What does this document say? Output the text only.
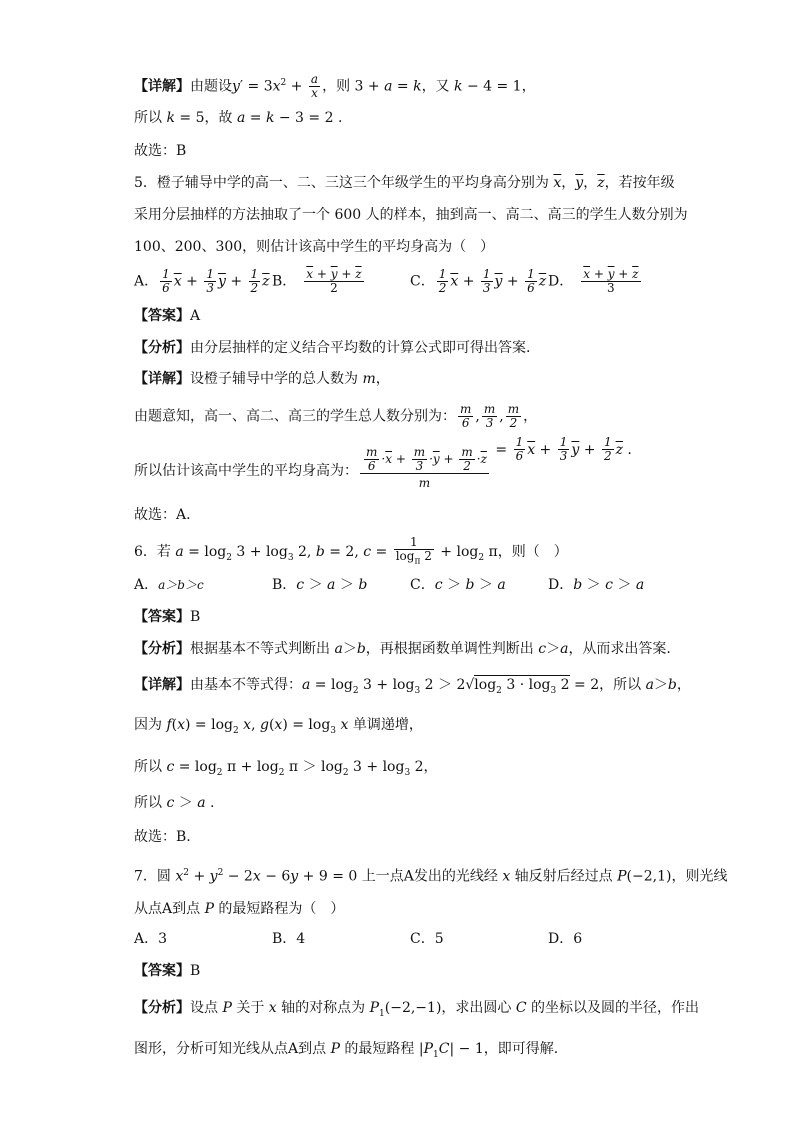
【详解】由题设$y' = 3x^2 + \frac{a}{x}$ ，则 3 + a = k，又 k − 4 = 1，
所以 k = 5，故 a = k − 3 = 2 .
故选：B
5．橙子辅导中学的高一、二、三这三个年级学生的平均身高分别为 $\overline{x}$，$\overline{y}$，$\overline{z}$，若按年级
采用分层抽样的方法抽取了一个 600 人的样本，抽到高一、高二、高三的学生人数分别为
100、200、300，则估计该高中学生的平均身高为（　）
A． $\frac{1}{6} \overline{x} + \frac{1}{3} \overline{y} + \frac{1}{2} \overline{z}$ B． $\frac{\overline{x} + \overline{y} + \overline{z}}{2}$	C． $\frac{1}{2} \overline{x} + \frac{1}{3} \overline{y} + \frac{1}{6} \overline{z}$ D． $\frac{\overline{x} + \overline{y} + \overline{z}}{3}$
【答案】A
【分析】由分层抽样的定义结合平均数的计算公式即可得出答案.
【详解】设橙子辅导中学的总人数为 m，
由题意知，高一、高二、高三的学生总人数分别为： $\frac{m}{6}$ , $\frac{m}{3}$ , $\frac{m}{2}$ ，
所以估计该高中学生的平均身高为： $\frac{\frac{m}{6} \cdot\overline{x} + \frac{m}{3} \cdot\overline{y} + \frac{m}{2} \cdot\overline{z}}{m} = \frac{1}{6} \overline{x} + \frac{1}{3} \overline{y} + \frac{1}{2} \overline{z}$ .
故选：A.
6．若 $a = \log_2 3 + \log_3 2$, b = 2, $c = \frac{1}{\log_\pi 2} + \log_2 \pi$，则（　）
A．a＞b＞c	B．c ＞ a ＞ b	C．c ＞ b ＞ a	D．b ＞ c ＞ a
【答案】B
【分析】根据基本不等式判断出 a＞b，再根据函数单调性判断出 c＞a，从而求出答案.
【详解】由基本不等式得：$a = \log_2 3 + \log_3 2 > 2√\log_2$ $3 \cdot \log_3 2 = 2$，所以 a＞b，
因为 $f(x) = \log_2 x$, $g(x) = \log_3 x$ 单调递增，
所以 $c = \log_2 \pi + \log_2 \pi > \log_2 3 + \log_3 2$，
所以 c ＞ a .
故选：B.
7．圆 $x^2 + y^2 - 2x - 6y + 9 = 0$ 上一点A发出的光线经 x 轴反射后经过点 P(−2,1)，则光线
从点A到点 P 的最短路程为（　）
A．3	B．4	C．5	D．6
【答案】B
【分析】设点 P 关于 x 轴的对称点为 $P_1(-2,-1)$，求出圆心 C 的坐标以及圆的半径，作出
图形，分析可知光线从点A到点 P 的最短路程 $|P_1C| - 1$，即可得解.
